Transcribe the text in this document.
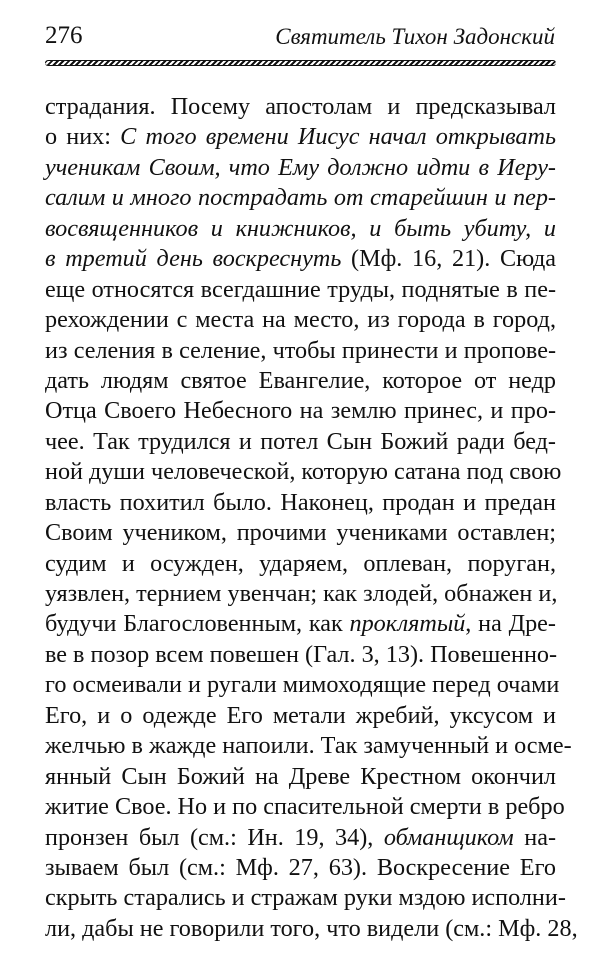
276	Святитель Тихон Задонский
страдания. Посему апостолам и предсказывал
о них: С того времени Иисус начал открывать
ученикам Своим, что Ему должно идти в Иеру-
салим и много пострадать от старейшин и пер-
восвященников и книжников, и быть убиту, и
в третий день воскреснуть (Мф. 16, 21). Сюда
еще относятся всегдашние труды, поднятые в пе-
рехождении с места на место, из города в город,
из селения в селение, чтобы принести и пропове-
дать людям святое Евангелие, которое от недр
Отца Своего Небесного на землю принес, и про-
чее. Так трудился и потел Сын Божий ради бед-
ной души человеческой, которую сатана под свою
власть похитил было. Наконец, продан и предан
Своим учеником, прочими учениками оставлен;
судим и осужден, ударяем, оплеван, поруган,
уязвлен, тернием увенчан; как злодей, обнажен и,
будучи Благословенным, как проклятый, на Дре-
ве в позор всем повешен (Гал. 3, 13). Повешенно-
го осмеивали и ругали мимоходящие перед очами
Его, и о одежде Его метали жребий, уксусом и
желчью в жажде напоили. Так замученный и осме-
янный Сын Божий на Древе Крестном окончил
житие Свое. Но и по спасительной смерти в ребро
пронзен был (см.: Ин. 19, 34), обманщиком на-
зываем был (см.: Мф. 27, 63). Воскресение Его
скрыть старались и стражам руки мздою исполни-
ли, дабы не говорили того, что видели (см.: Мф. 28,
